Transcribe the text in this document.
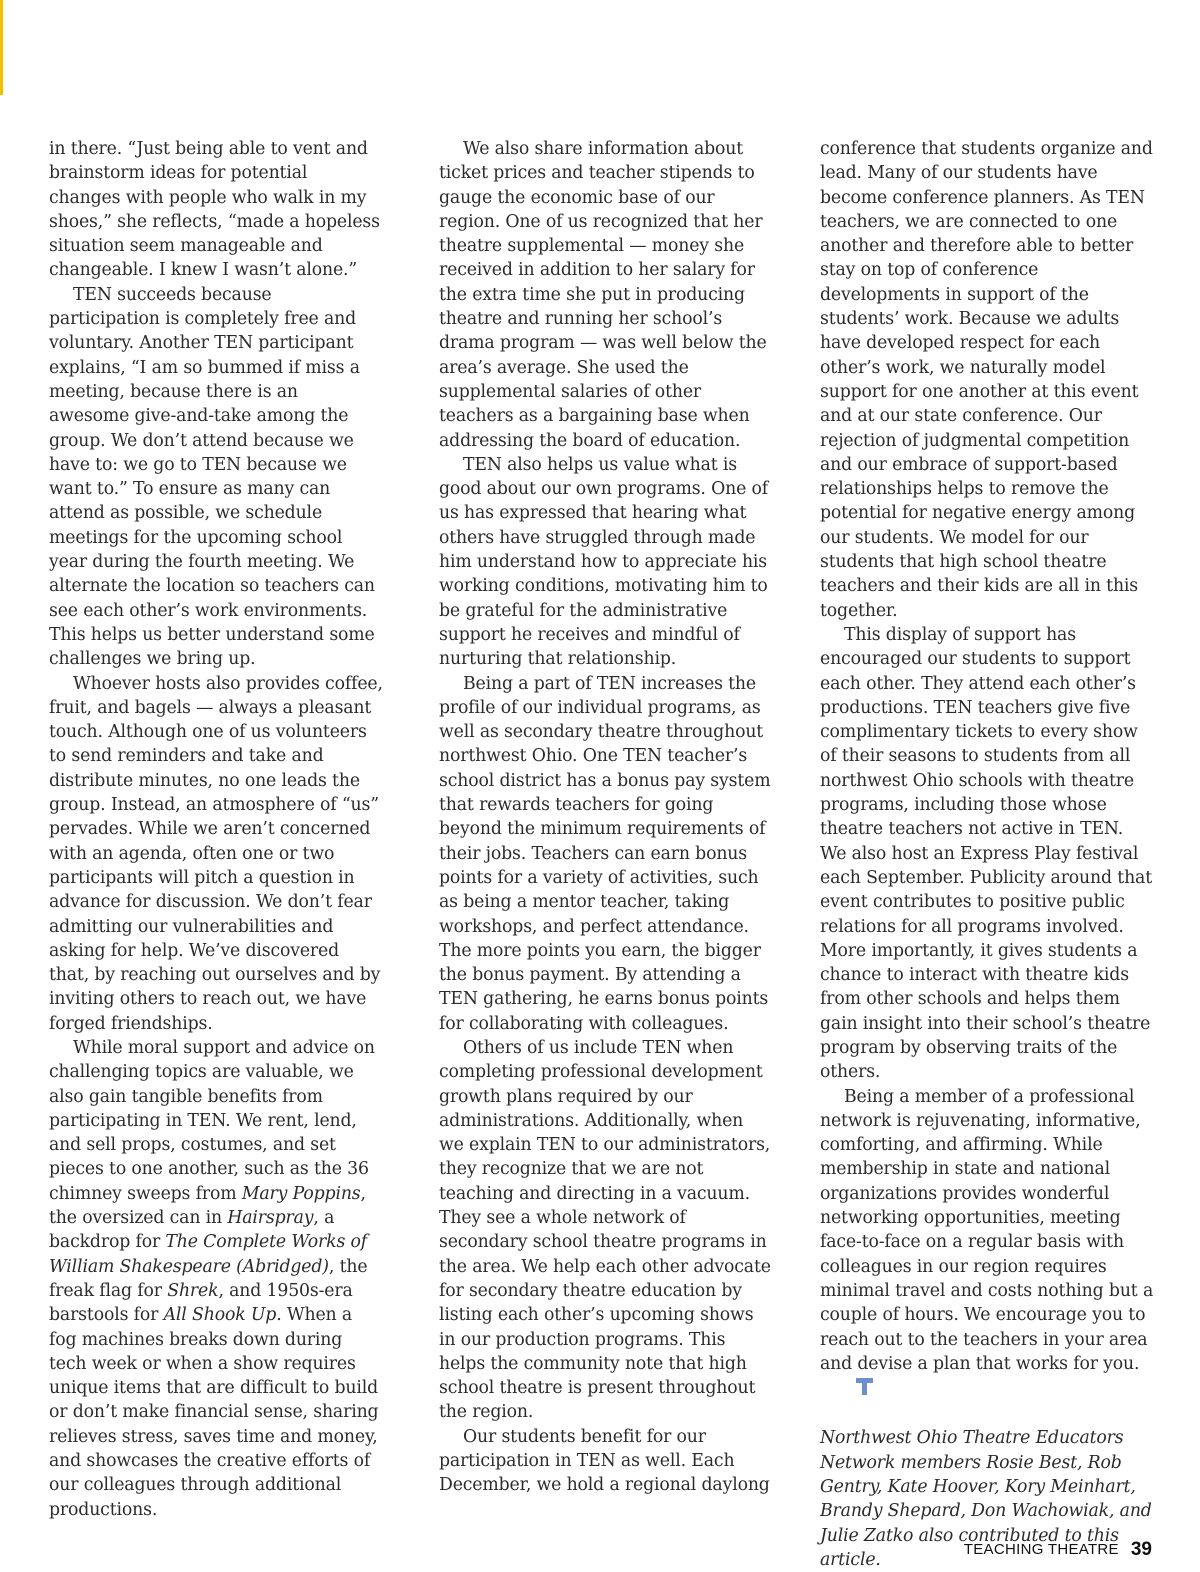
in there. “Just being able to vent and brainstorm ideas for potential changes with people who walk in my shoes,” she reflects, “made a hopeless situation seem manageable and changeable. I knew I wasn’t alone.”

TEN succeeds because participation is completely free and voluntary. Another TEN participant explains, “I am so bummed if miss a meeting, because there is an awesome give-and-take among the group. We don’t attend because we have to: we go to TEN because we want to.” To ensure as many can attend as possible, we schedule meetings for the upcoming school year during the fourth meeting. We alternate the location so teachers can see each other’s work environments. This helps us better understand some challenges we bring up.

Whoever hosts also provides coffee, fruit, and bagels — always a pleasant touch. Although one of us volunteers to send reminders and take and distribute minutes, no one leads the group. Instead, an atmosphere of “us” pervades. While we aren’t concerned with an agenda, often one or two participants will pitch a question in advance for discussion. We don’t fear admitting our vulnerabilities and asking for help. We’ve discovered that, by reaching out ourselves and by inviting others to reach out, we have forged friendships.

While moral support and advice on challenging topics are valuable, we also gain tangible benefits from participating in TEN. We rent, lend, and sell props, costumes, and set pieces to one another, such as the 36 chimney sweeps from Mary Poppins, the oversized can in Hairspray, a backdrop for The Complete Works of William Shakespeare (Abridged), the freak flag for Shrek, and 1950s-era barstools for All Shook Up. When a fog machines breaks down during tech week or when a show requires unique items that are difficult to build or don’t make financial sense, sharing relieves stress, saves time and money, and showcases the creative efforts of our colleagues through additional productions.

We also share information about ticket prices and teacher stipends to gauge the economic base of our region. One of us recognized that her theatre supplemental — money she received in addition to her salary for the extra time she put in producing theatre and running her school’s drama program — was well below the area’s average. She used the supplemental salaries of other teachers as a bargaining base when addressing the board of education.

TEN also helps us value what is good about our own programs. One of us has expressed that hearing what others have struggled through made him understand how to appreciate his working conditions, motivating him to be grateful for the administrative support he receives and mindful of nurturing that relationship.

Being a part of TEN increases the profile of our individual programs, as well as secondary theatre throughout northwest Ohio. One TEN teacher’s school district has a bonus pay system that rewards teachers for going beyond the minimum requirements of their jobs. Teachers can earn bonus points for a variety of activities, such as being a mentor teacher, taking workshops, and perfect attendance. The more points you earn, the bigger the bonus payment. By attending a TEN gathering, he earns bonus points for collaborating with colleagues.

Others of us include TEN when completing professional development growth plans required by our administrations. Additionally, when we explain TEN to our administrators, they recognize that we are not teaching and directing in a vacuum. They see a whole network of secondary school theatre programs in the area. We help each other advocate for secondary theatre education by listing each other’s upcoming shows in our production programs. This helps the community note that high school theatre is present throughout the region.

Our students benefit for our participation in TEN as well. Each December, we hold a regional daylong

conference that students organize and lead. Many of our students have become conference planners. As TEN teachers, we are connected to one another and therefore able to better stay on top of conference developments in support of the students’ work. Because we adults have developed respect for each other’s work, we naturally model support for one another at this event and at our state conference. Our rejection of judgmental competition and our embrace of support-based relationships helps to remove the potential for negative energy among our students. We model for our students that high school theatre teachers and their kids are all in this together.

This display of support has encouraged our students to support each other. They attend each other’s productions. TEN teachers give five complimentary tickets to every show of their seasons to students from all northwest Ohio schools with theatre programs, including those whose theatre teachers not active in TEN. We also host an Express Play festival each September. Publicity around that event contributes to positive public relations for all programs involved. More importantly, it gives students a chance to interact with theatre kids from other schools and helps them gain insight into their school’s theatre program by observing traits of the others.

Being a member of a professional network is rejuvenating, informative, comforting, and affirming. While membership in state and national organizations provides wonderful networking opportunities, meeting face-to-face on a regular basis with colleagues in our region requires minimal travel and costs nothing but a couple of hours. We encourage you to reach out to the teachers in your area and devise a plan that works for you.

Northwest Ohio Theatre Educators Network members Rosie Best, Rob Gentry, Kate Hoover, Kory Meinhart, Brandy Shepard, Don Wachowiak, and Julie Zatko also contributed to this article.

TEACHING THEATRE 39
